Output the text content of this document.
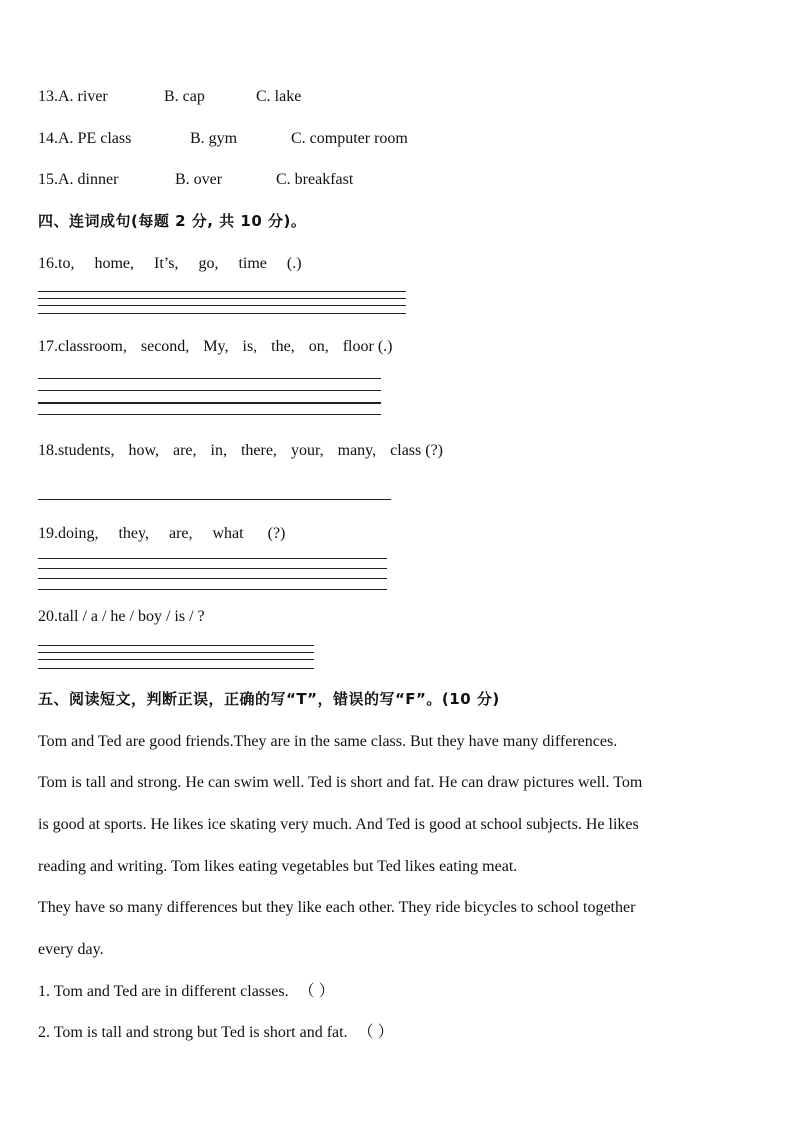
13.A. river	B. cap	C. lake
14.A. PE class	B. gym	C. computer room
15.A. dinner	B. over	C. breakfast
四、连词成句(每题 2 分, 共 10 分)。
16.to, home, It’s, go, time (.)
17.classroom, second, My, is, the, on, floor (.)
18.students, how, are, in, there, your, many, class (?)
19.doing, they, are, what (?)
20.tall / a / he / boy / is / ?
五、阅读短文，判断正误，正确的写“T”，错误的写“F”。(10 分)
Tom and Ted are good friends.They are in the same class. But they have many differences.
Tom is tall and strong. He can swim well. Ted is short and fat. He can draw pictures well. Tom
is good at sports. He likes ice skating very much. And Ted is good at school subjects. He likes
reading and writing. Tom likes eating vegetables but Ted likes eating meat.
They have so many differences but they like each other. They ride bicycles to school together
every day.
1. Tom and Ted are in different classes. （ ）
2. Tom is tall and strong but Ted is short and fat. （ ）
